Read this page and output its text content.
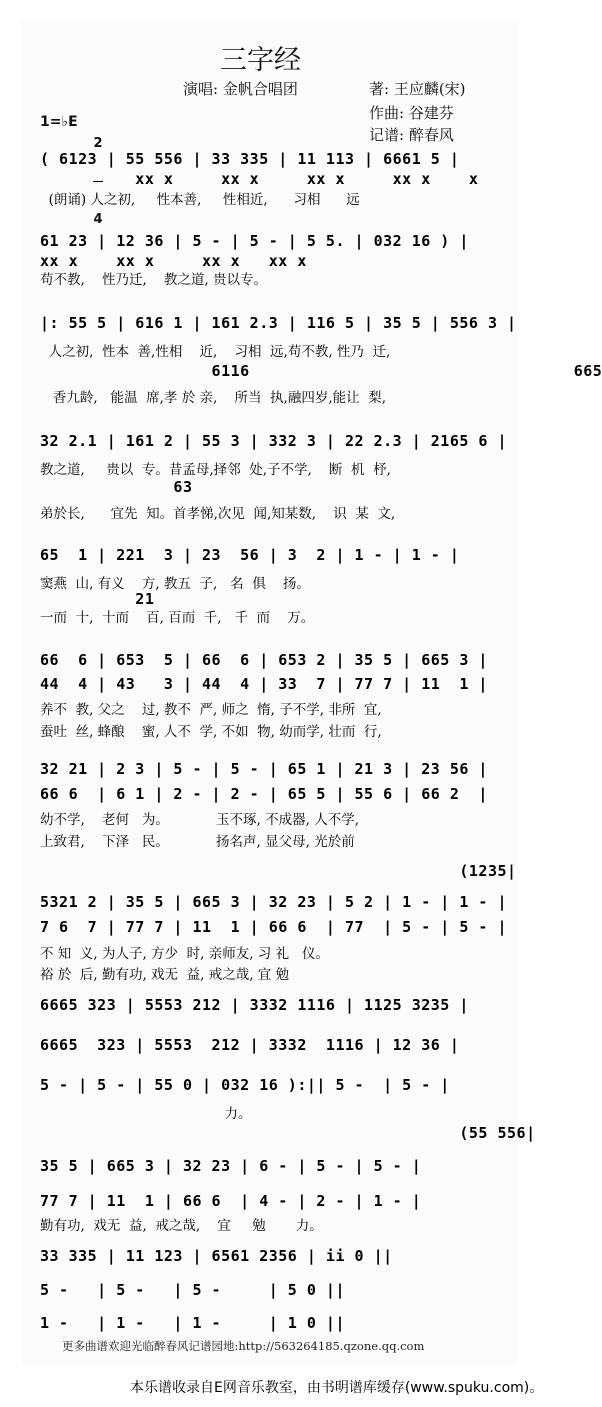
三字经
演唱: 金帆合唱团	著: 王应麟(宋)
作曲: 谷建芬
记谱: 醉春风
1=♭E

2

4

( 6123 | 55 556 | 33 335 | 11 113 | 6661 5 |
xx x     xx x     xx x     xx x    x
(朗诵) 人之初,     性本善,     性相近,      习相      远
61 23 | 12 36 | 5 - | 5 - | 5 5. | 032 16 ) |
xx x    xx x     xx x   xx x
苟不教,    性乃迁,    教之道, 贵以专。
|: 55 5 | 616 1 | 161 2.3 | 116 5 | 35 5 | 556 3 |
人之初,  性本  善,性相    近,    习相  远,苟不教, 性乃  迁,
6116                                  665
香九龄,   能温  席,孝 於 亲,    所当  执,融四岁,能让  梨,
32 2.1 | 161 2 | 55 3 | 332 3 | 22 2.3 | 2165 6 |
教之道,     贵以  专。昔孟母,择邻  处,子不学,    断  机  杼,
63
弟於长,      宜先  知。首孝悌,次见  闻,知某数,    识  某  文,
65  1 | 221  3 | 23  56 | 3  2 | 1 - | 1 - |
窦燕  山, 有义    方, 教五  子,   名  俱    扬。
21
一而  十,  十而    百, 百而  千,   千  而    万。
66  6 | 653  5 | 66  6 | 653 2 | 35 5 | 665 3 |
44  4 | 43   3 | 44  4 | 33  7 | 77 7 | 11  1 |
养不  教, 父之    过, 教不  严, 师之  惰, 子不学, 非所  宜,
蚕吐  丝, 蜂酿    蜜, 人不  学, 不如  物, 幼而学, 壮而  行,
32 21 | 2 3 | 5 - | 5 - | 65 1 | 21 3 | 23 56 |
66 6  | 6 1 | 2 - | 2 - | 65 5 | 55 6 | 66 2  |
幼不学,    老何   为。           玉不琢, 不成器, 人不学,
上致君,    下泽   民。           扬名声, 显父母, 光於前
(1235|
5321 2 | 35 5 | 665 3 | 32 23 | 5 2 | 1 - | 1 - |
7 6  7 | 77 7 | 11  1 | 66 6  | 77  | 5 - | 5 - |
不 知  义, 为人子, 方少  时, 亲师友, 习 礼   仪。
裕 於  后, 勤有功, 戏无  益, 戒之哉, 宜 勉
6665 323 | 5553 212 | 3332 1116 | 1125 3235 |
6665  323 | 5553  212 | 3332  1116 | 12 36 |
5 - | 5 - | 55 0 | 032 16 ):|| 5 -  | 5 - |
力。
(55 556|
35 5 | 665 3 | 32 23 | 6 - | 5 - | 5 - |
77 7 | 11  1 | 66 6  | 4 - | 2 - | 1 - |
勤有功,  戏无  益,  戒之哉,    宜     勉       力。
33 335 | 11 123 | 6561 2356 | ii 0 ||
5 -   | 5 -   | 5 -     | 5 0 ||
1 -   | 1 -   | 1 -     | 1 0 ||
更多曲谱欢迎光临醉春风记谱园地:http://563264185.qzone.qq.com
本乐谱收录自E网音乐教室，由书明谱库缓存(www.spuku.com)。
